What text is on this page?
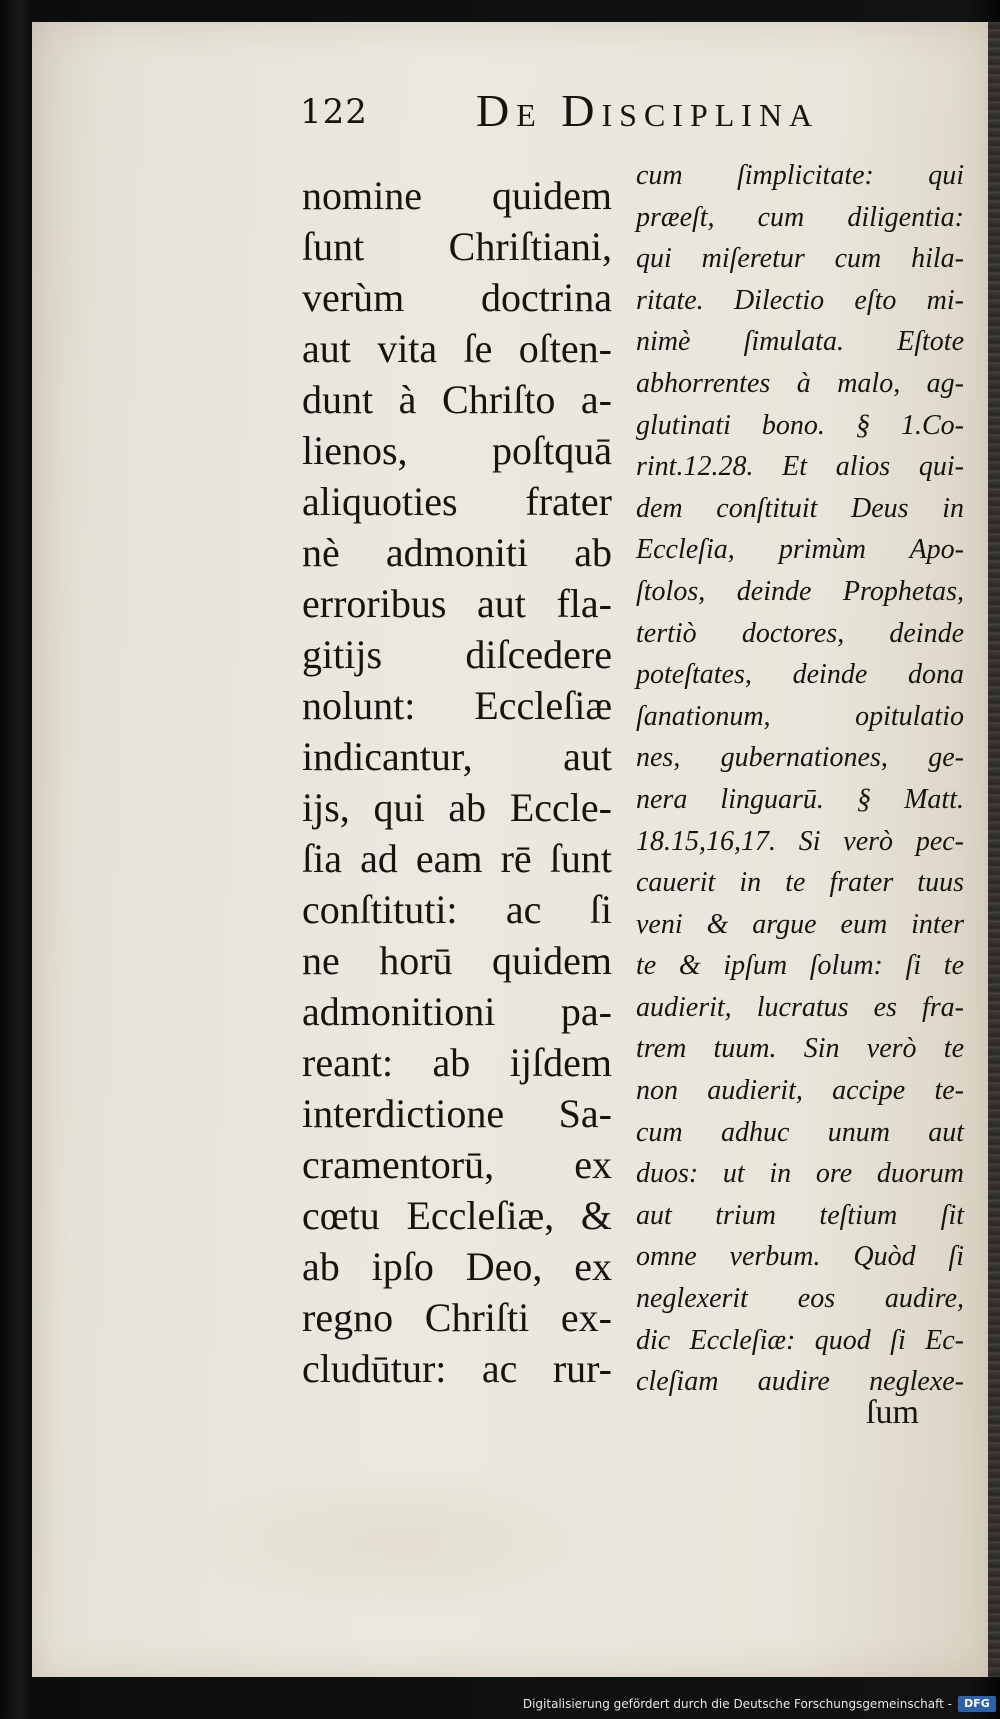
122 De Disciplina
nomine quidem
ſunt Chriſtiani,
verùm doctrina
aut vita ſe oſten-
dunt à Chriſto a-
lienos, poſtquā
aliquoties frater
nè admoniti ab
erroribus aut fla-
gitijs diſcedere
nolunt: Eccleſiæ
indicantur, aut
ijs, qui ab Eccle-
ſia ad eam rē ſunt
conſtituti: ac ſi
ne horū quidem
admonitioni pa-
reant: ab ijſdem
interdictione Sa-
cramentorū, ex
cœtu Eccleſiæ, &
ab ipſo Deo, ex
regno Chriſti ex-
cludūtur: ac rur-
cum ſimplicitate: qui
præeſt, cum diligentia:
qui miſeretur cum hila-
ritate. Dilectio eſto mi-
nimè ſimulata. Eſtote
abhorrentes à malo, ag-
glutinati bono. § 1.Co-
rint.12.28. Et alios qui-
dem conſtituit Deus in
Eccleſia, primùm Apo-
ſtolos, deinde Prophetas,
tertiò doctores, deinde
poteſtates, deinde dona
ſanationum, opitulatio
nes, gubernationes, ge-
nera linguarū. § Matt.
18.15,16,17. Si verò pec-
cauerit in te frater tuus
veni & argue eum inter
te & ipſum ſolum: ſi te
audierit, lucratus es fra-
trem tuum. Sin verò te
non audierit, accipe te-
cum adhuc unum aut
duos: ut in ore duorum
aut trium teſtium ſit
omne verbum. Quòd ſi
neglexerit eos audire,
dic Eccleſiæ: quod ſi Ec-
cleſiam audire neglexe-
ſum
Digitalisierung gefördert durch die Deutsche Forschungsgemeinschaft -	DFG
